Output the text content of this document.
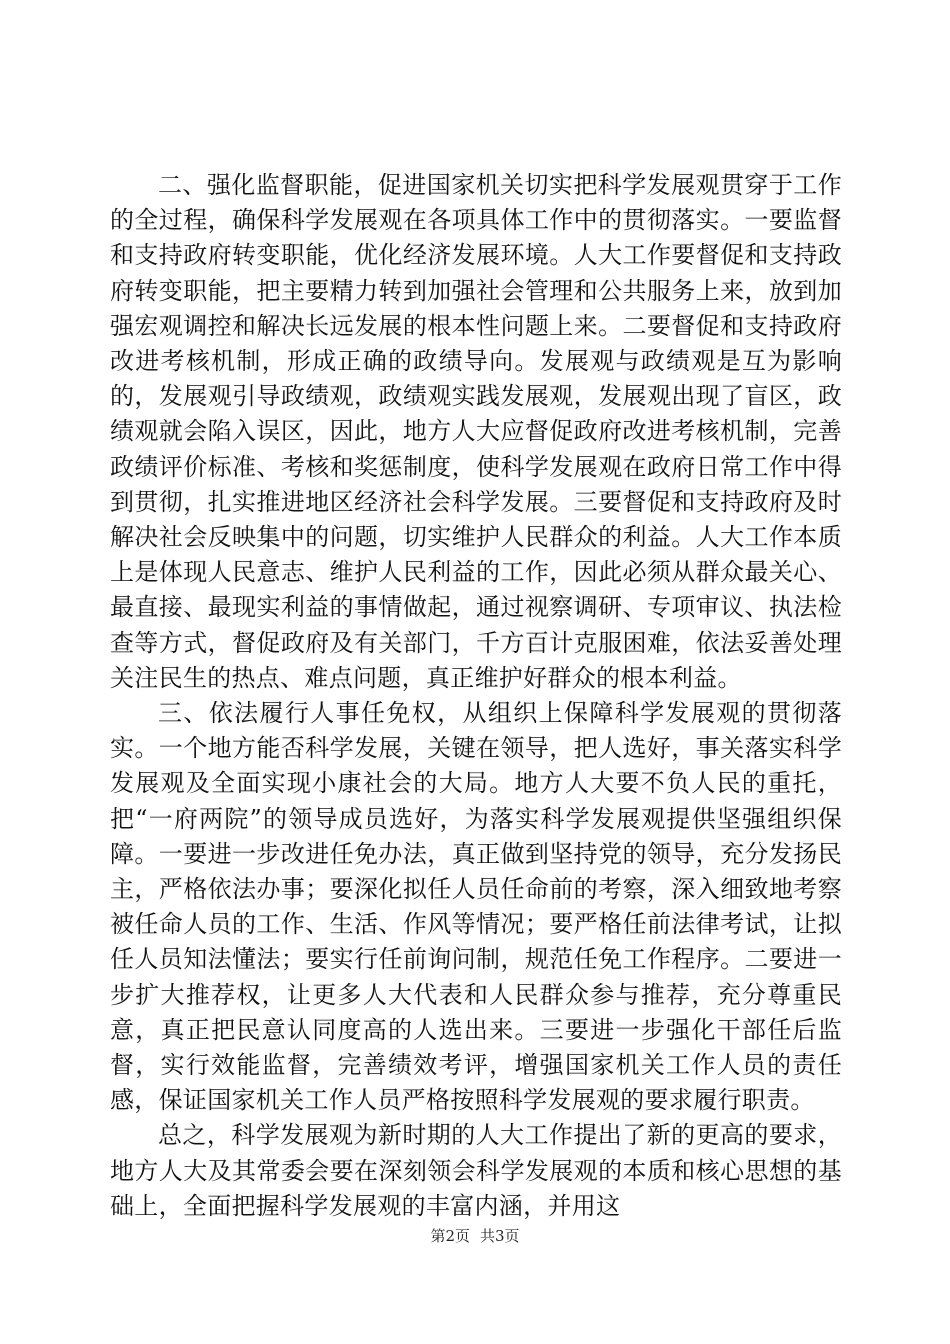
二、强化监督职能，促进国家机关切实把科学发展观贯穿于工作的全过程，确保科学发展观在各项具体工作中的贯彻落实。一要监督和支持政府转变职能，优化经济发展环境。人大工作要督促和支持政府转变职能，把主要精力转到加强社会管理和公共服务上来，放到加强宏观调控和解决长远发展的根本性问题上来。二要督促和支持政府改进考核机制，形成正确的政绩导向。发展观与政绩观是互为影响的，发展观引导政绩观，政绩观实践发展观，发展观出现了盲区，政绩观就会陷入误区，因此，地方人大应督促政府改进考核机制，完善政绩评价标准、考核和奖惩制度，使科学发展观在政府日常工作中得到贯彻，扎实推进地区经济社会科学发展。三要督促和支持政府及时解决社会反映集中的问题，切实维护人民群众的利益。人大工作本质上是体现人民意志、维护人民利益的工作，因此必须从群众最关心、最直接、最现实利益的事情做起，通过视察调研、专项审议、执法检查等方式，督促政府及有关部门，千方百计克服困难，依法妥善处理关注民生的热点、难点问题，真正维护好群众的根本利益。

三、依法履行人事任免权，从组织上保障科学发展观的贯彻落实。一个地方能否科学发展，关键在领导，把人选好，事关落实科学发展观及全面实现小康社会的大局。地方人大要不负人民的重托，把“一府两院”的领导成员选好，为落实科学发展观提供坚强组织保障。一要进一步改进任免办法，真正做到坚持党的领导，充分发扬民主，严格依法办事；要深化拟任人员任命前的考察，深入细致地考察被任命人员的工作、生活、作风等情况；要严格任前法律考试，让拟任人员知法懂法；要实行任前询问制，规范任免工作程序。二要进一步扩大推荐权，让更多人大代表和人民群众参与推荐，充分尊重民意，真正把民意认同度高的人选出来。三要进一步强化干部任后监督，实行效能监督，完善绩效考评，增强国家机关工作人员的责任感，保证国家机关工作人员严格按照科学发展观的要求履行职责。

总之，科学发展观为新时期的人大工作提出了新的更高的要求，地方人大及其常委会要在深刻领会科学发展观的本质和核心思想的基础上，全面把握科学发展观的丰富内涵，并用这

第2页 共3页
